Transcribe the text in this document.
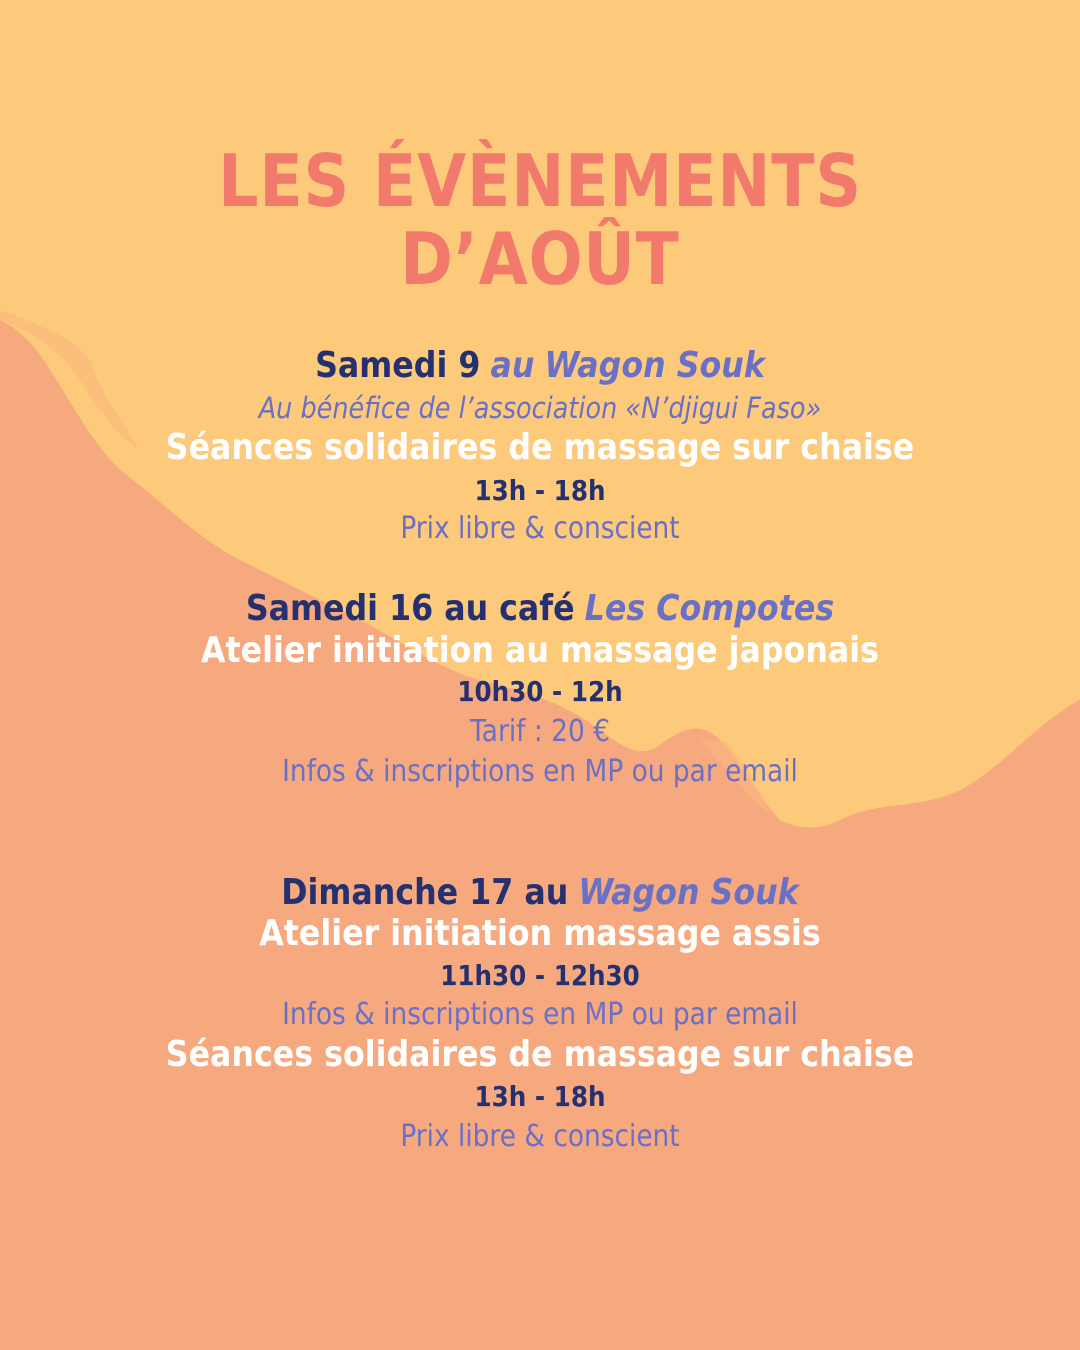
LES ÉVÈNEMENTS
D’AOÛT
Samedi 9 au Wagon Souk
Au bénéfice de l’association «N’djigui Faso»
Séances solidaires de massage sur chaise
13h - 18h
Prix libre & conscient
Samedi 16 au café Les Compotes
Atelier initiation au massage japonais
10h30 - 12h
Tarif : 20 €
Infos & inscriptions en MP ou par email
Dimanche 17 au Wagon Souk
Atelier initiation massage assis
11h30 - 12h30
Infos & inscriptions en MP ou par email
Séances solidaires de massage sur chaise
13h - 18h
Prix libre & conscient
